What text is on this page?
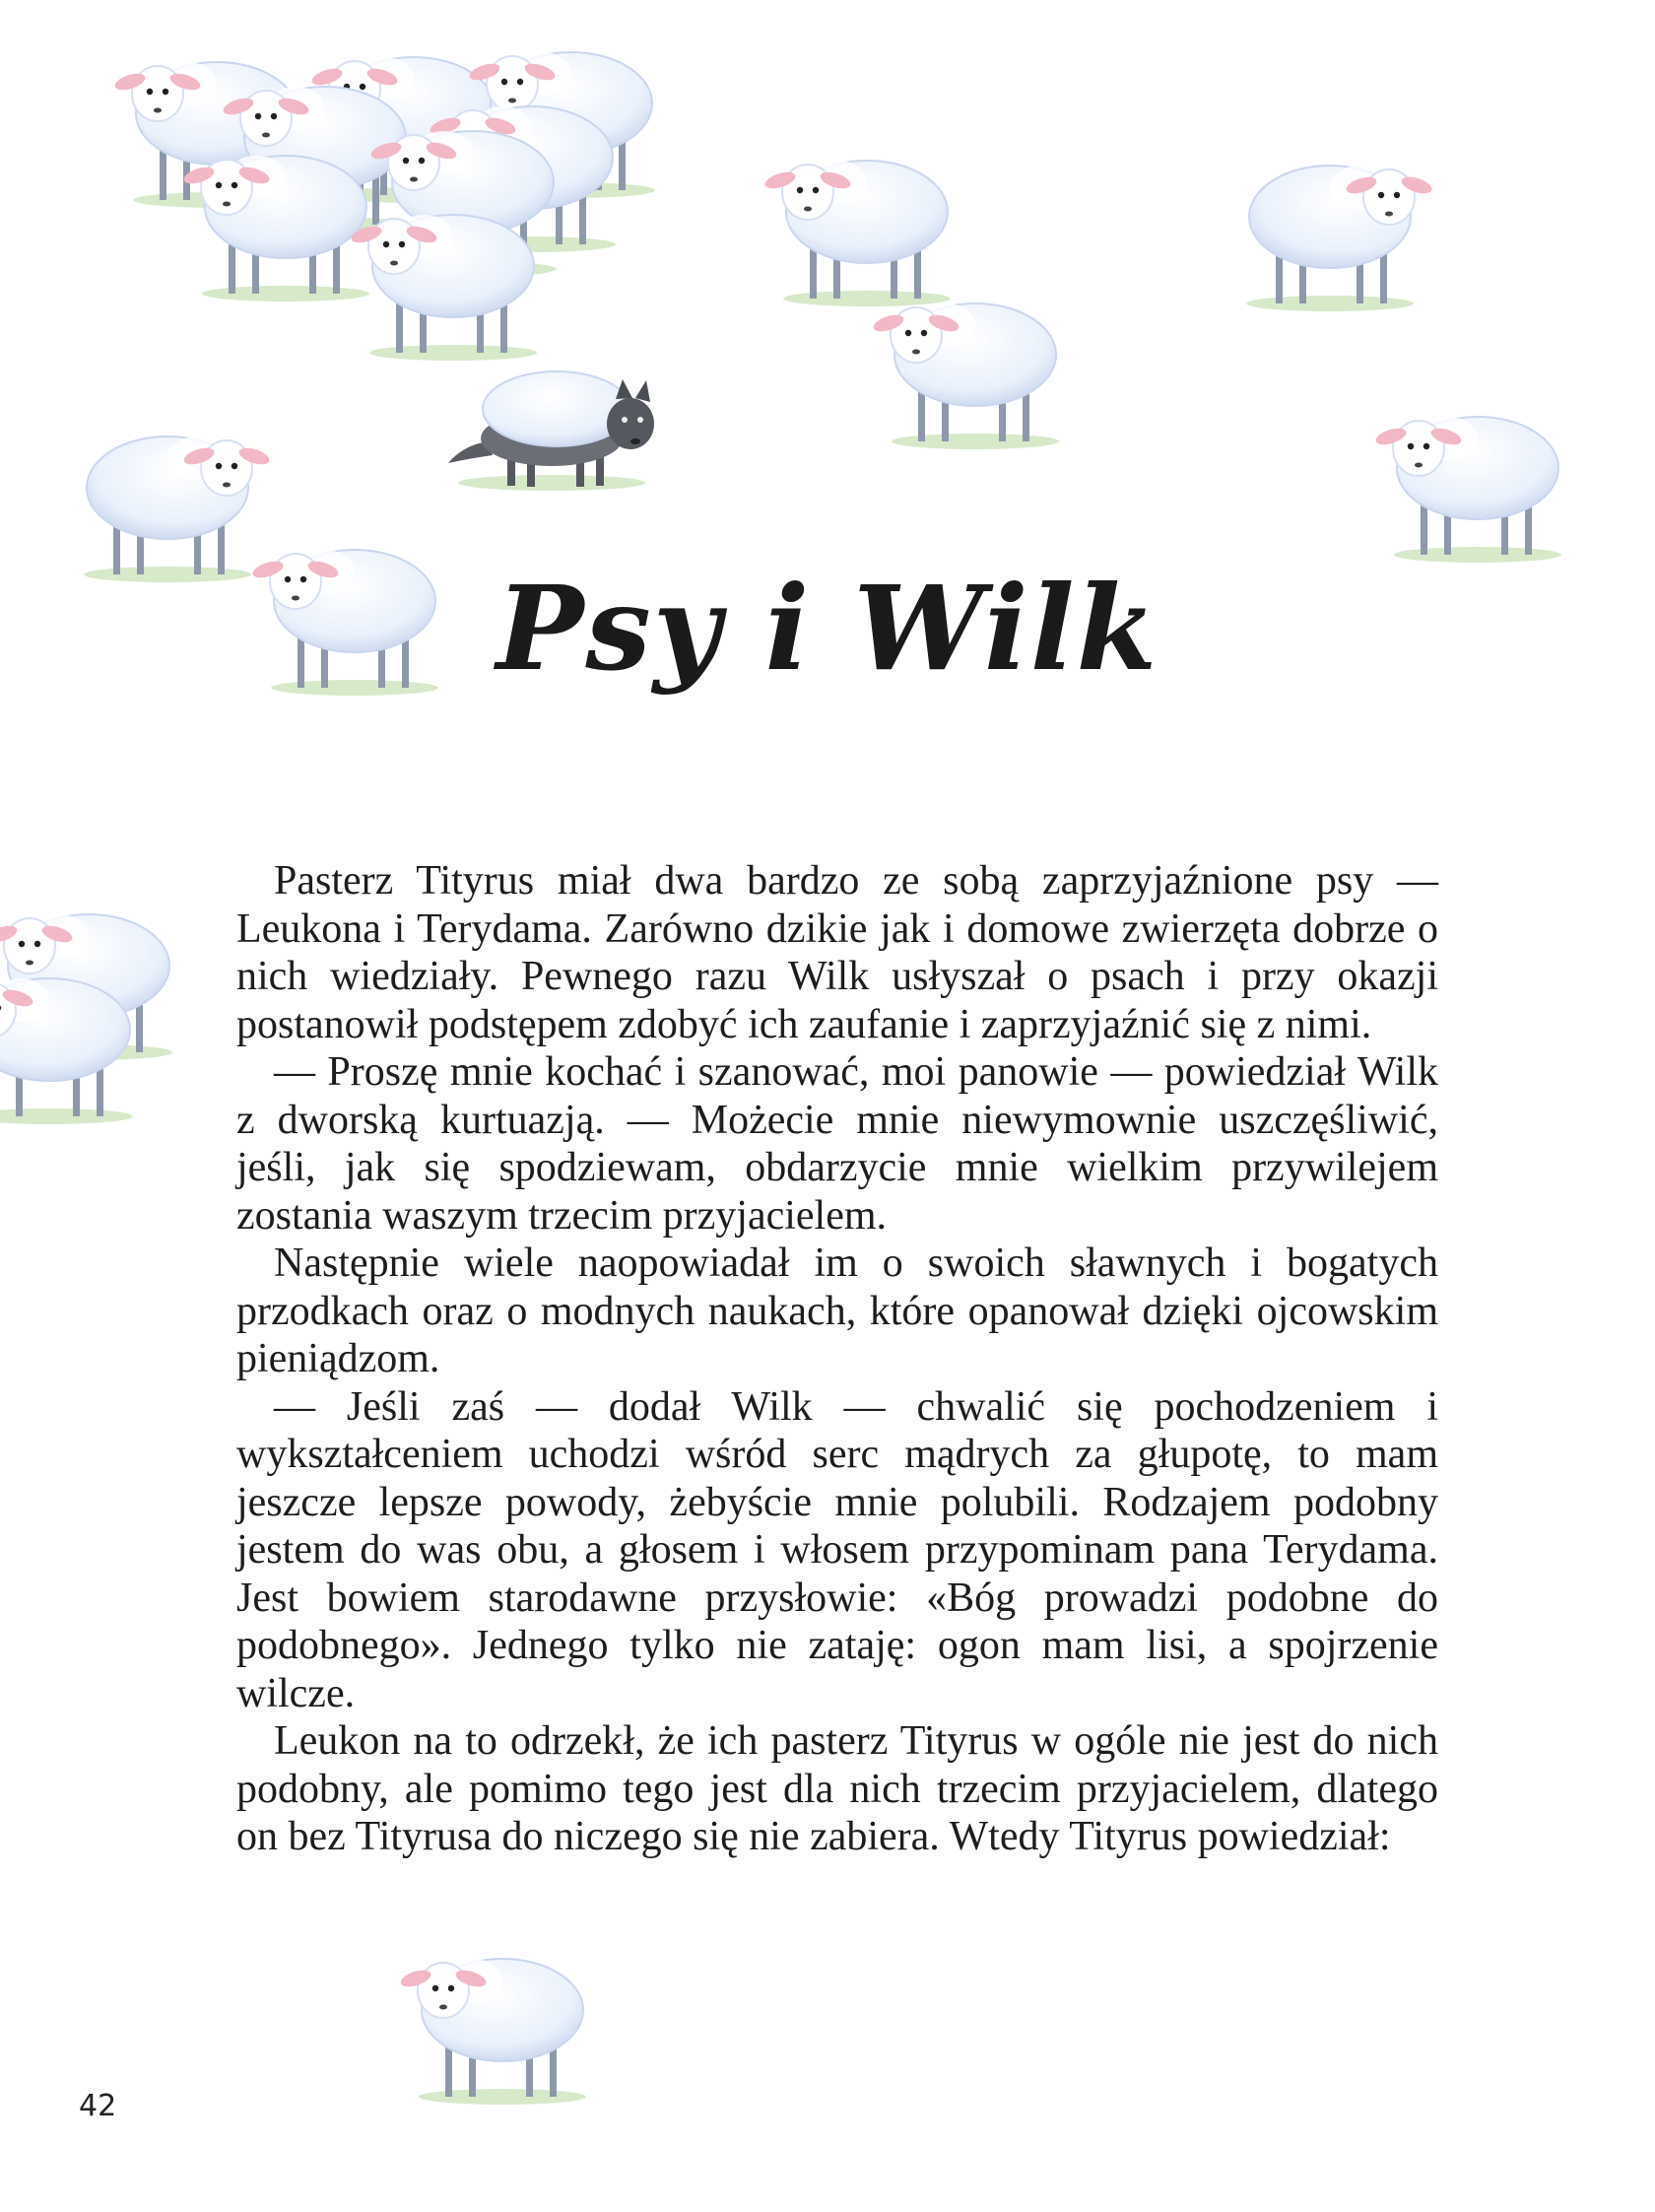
Psy i Wilk

Pasterz Tityrus miał dwa bardzo ze sobą zaprzyjaźnione psy — Leukona i Terydama. Zarówno dzikie jak i domowe zwierzęta dobrze o nich wiedziały. Pewnego razu Wilk usłyszał o psach i przy okazji postanowił podstępem zdobyć ich zaufanie i zaprzyjaźnić się z nimi.

— Proszę mnie kochać i szanować, moi panowie — powiedział Wilk z dworską kurtuazją. — Możecie mnie niewymownie uszczęśliwić, jeśli, jak się spodziewam, obdarzycie mnie wielkim przywilejem zostania waszym trzecim przyjacielem.

Następnie wiele naopowiadał im o swoich sławnych i bogatych przodkach oraz o modnych naukach, które opanował dzięki ojcowskim pieniądzom.

— Jeśli zaś — dodał Wilk — chwalić się pochodzeniem i wykształceniem uchodzi wśród serc mądrych za głupotę, to mam jeszcze lepsze powody, żebyście mnie polubili. Rodzajem podobny jestem do was obu, a głosem i włosem przypominam pana Terydama. Jest bowiem starodawne przysłowie: «Bóg prowadzi podobne do podobnego». Jednego tylko nie zataję: ogon mam lisi, a spojrzenie wilcze.

Leukon na to odrzekł, że ich pasterz Tityrus w ogóle nie jest do nich podobny, ale pomimo tego jest dla nich trzecim przyjacielem, dlatego on bez Tityrusa do niczego się nie zabiera. Wtedy Tityrus powiedział:

42
